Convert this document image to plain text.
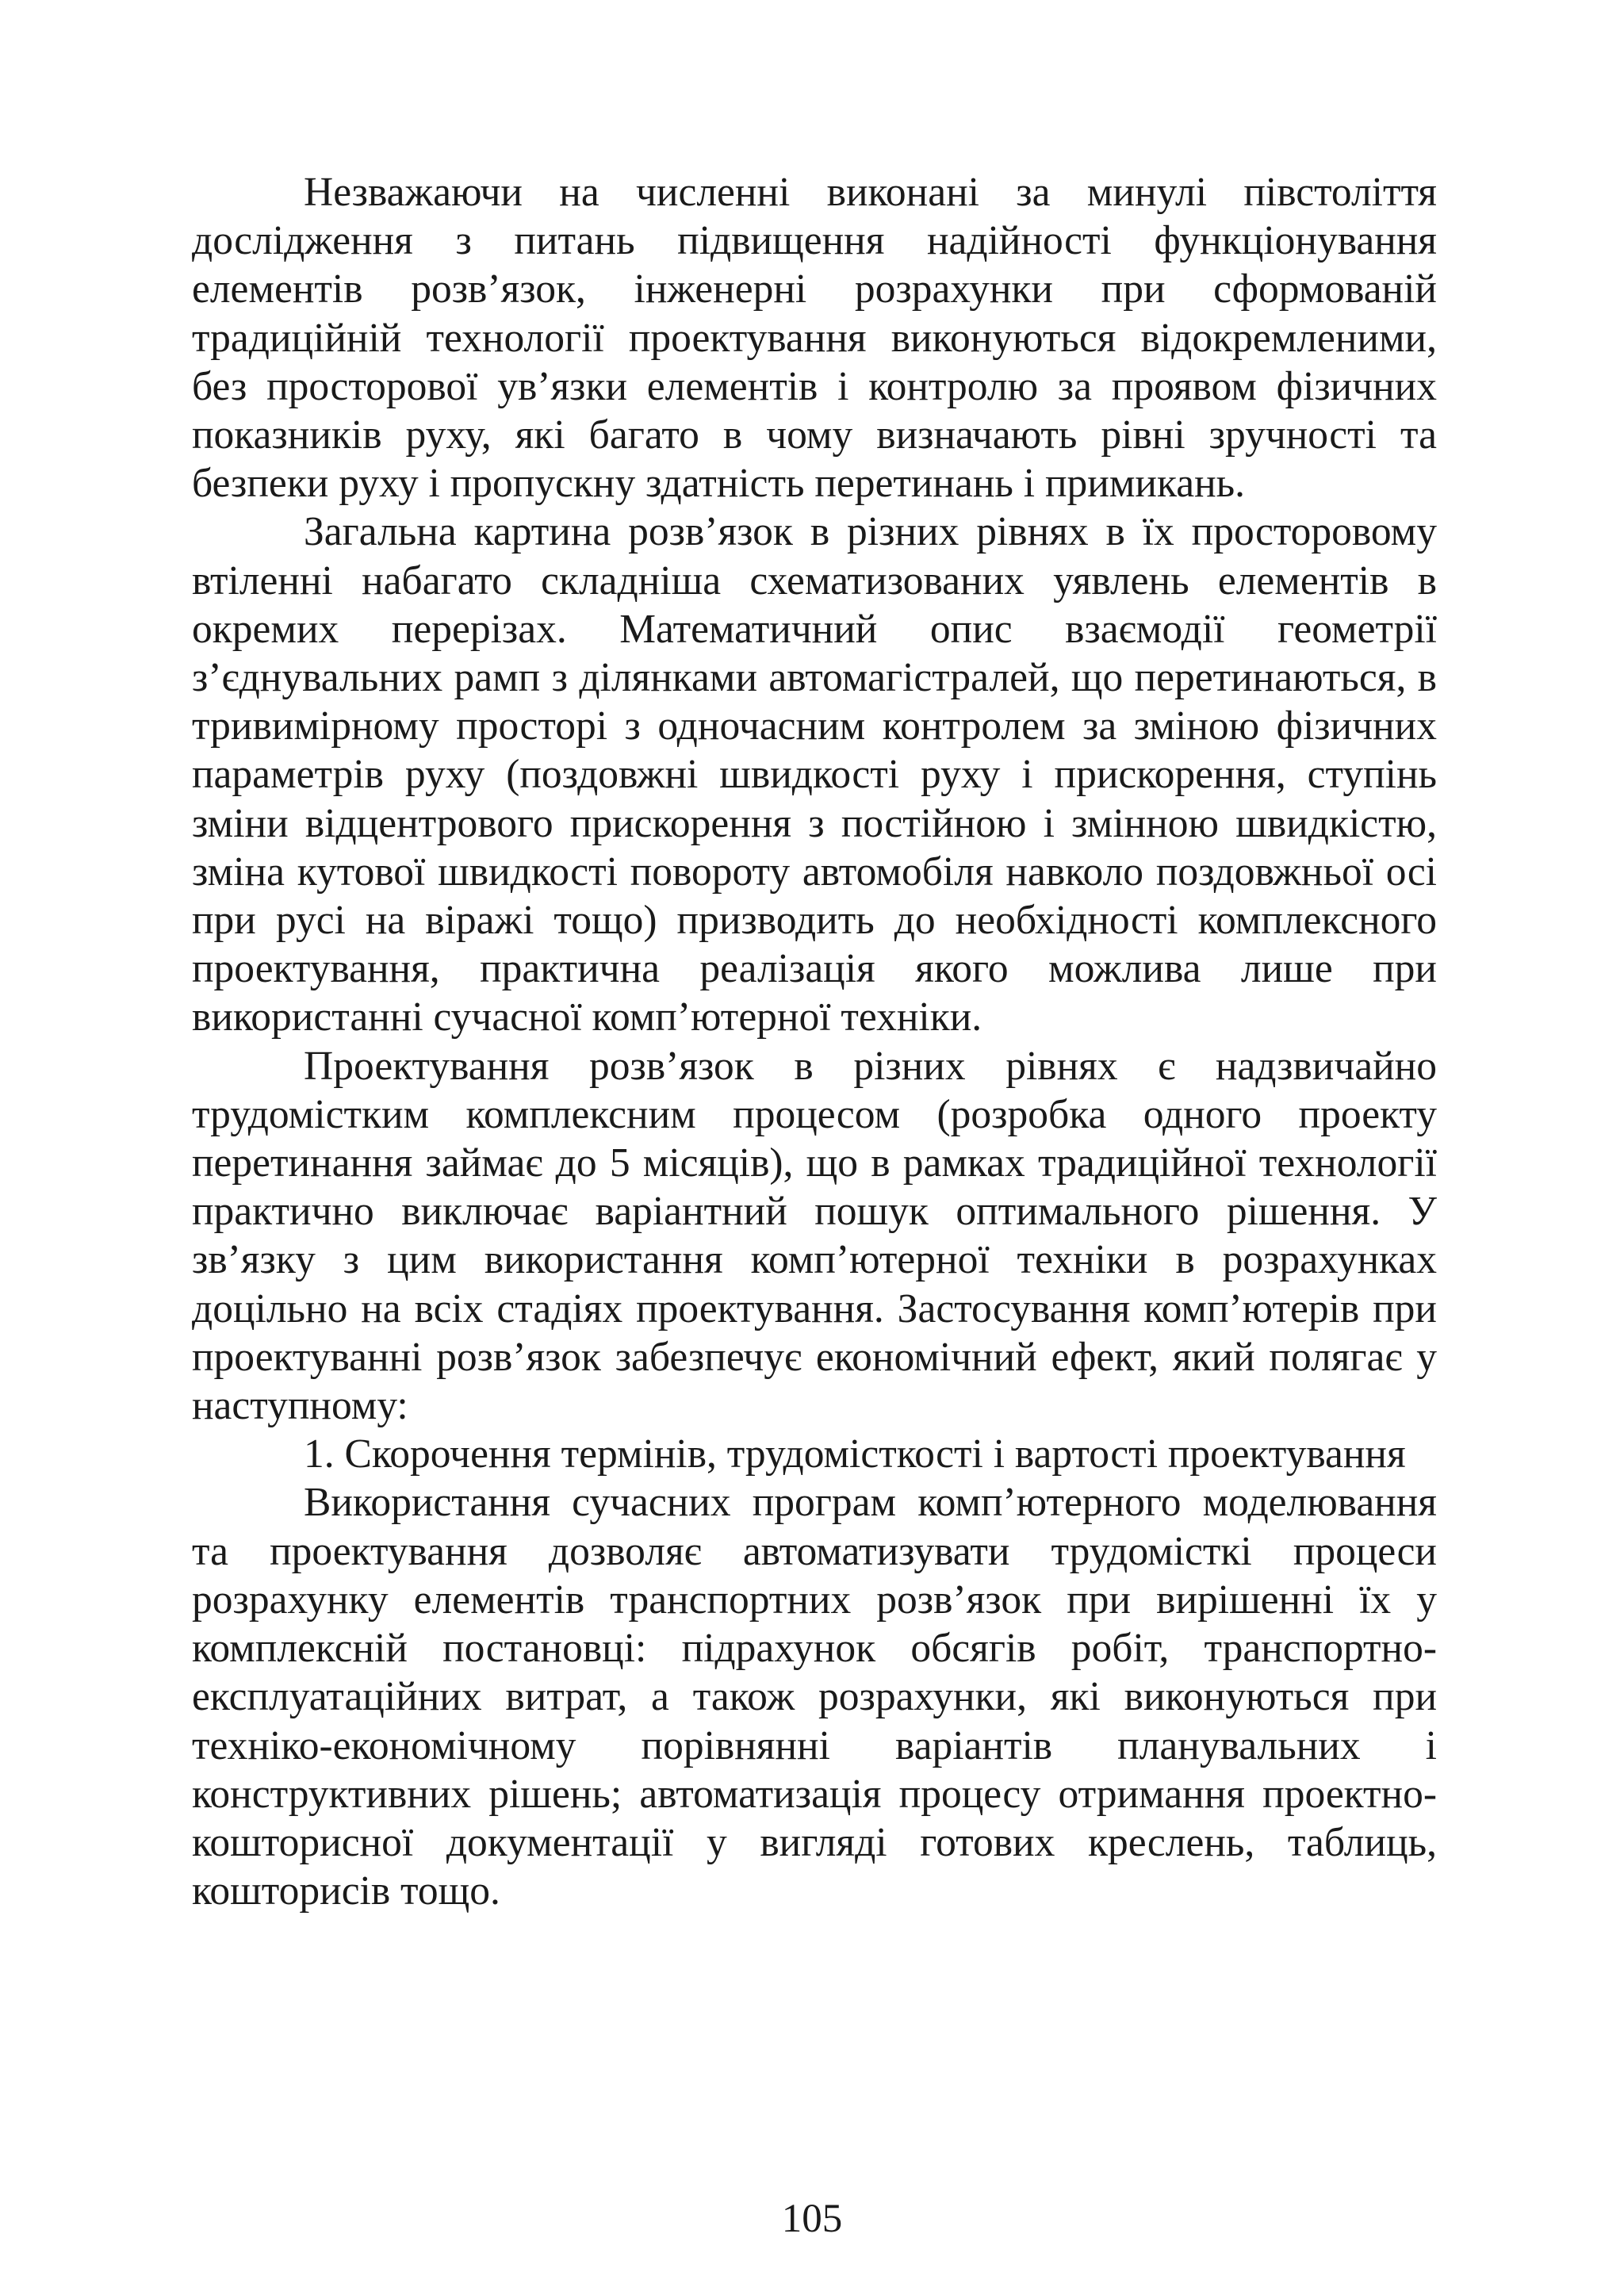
Незважаючи на численні виконані за минулі півстоліття дослідження з питань підвищення надійності функціонування елементів розв’язок, інженерні розрахунки при сформованій традиційній технології проектування виконуються відокремленими, без просторової ув’язки елементів і контролю за проявом фізичних показників руху, які багато в чому визначають рівні зручності та безпеки руху і пропускну здатність перетинань і примикань.

Загальна картина розв’язок в різних рівнях в їх просторовому втіленні набагато складніша схематизованих уявлень елементів в окремих перерізах. Математичний опис взаємодії геометрії з’єднувальних рамп з ділянками автомагістралей, що перетинаються, в тривимірному просторі з одночасним контролем за зміною фізичних параметрів руху (поздовжні швидкості руху і прискорення, ступінь зміни відцентрового прискорення з постійною і змінною швидкістю, зміна кутової швидкості повороту автомобіля навколо поздовжньої осі при русі на віражі тощо) призводить до необхідності комплексного проектування, практична реалізація якого можлива лише при використанні сучасної комп’ютерної техніки.

Проектування розв’язок в різних рівнях є надзвичайно трудомістким комплексним процесом (розробка одного проекту перетинання займає до 5 місяців), що в рамках традиційної технології практично виключає варіантний пошук оптимального рішення. У зв’язку з цим використання комп’ютерної техніки в розрахунках доцільно на всіх стадіях проектування. Застосування комп’ютерів при проектуванні розв’язок забезпечує економічний ефект, який полягає у наступному:

1. Скорочення термінів, трудомісткості і вартості проектування

Використання сучасних програм комп’ютерного моделювання та проектування дозволяє автоматизувати трудомісткі процеси розрахунку елементів транспортних розв’язок при вирішенні їх у комплексній постановці: підрахунок обсягів робіт, транспортно-експлуатаційних витрат, а також розрахунки, які виконуються при техніко-економічному порівнянні варіантів планувальних і конструктивних рішень; автоматизація процесу отримання проектно-кошторисної документації у вигляді готових креслень, таблиць, кошторисів тощо.

105
